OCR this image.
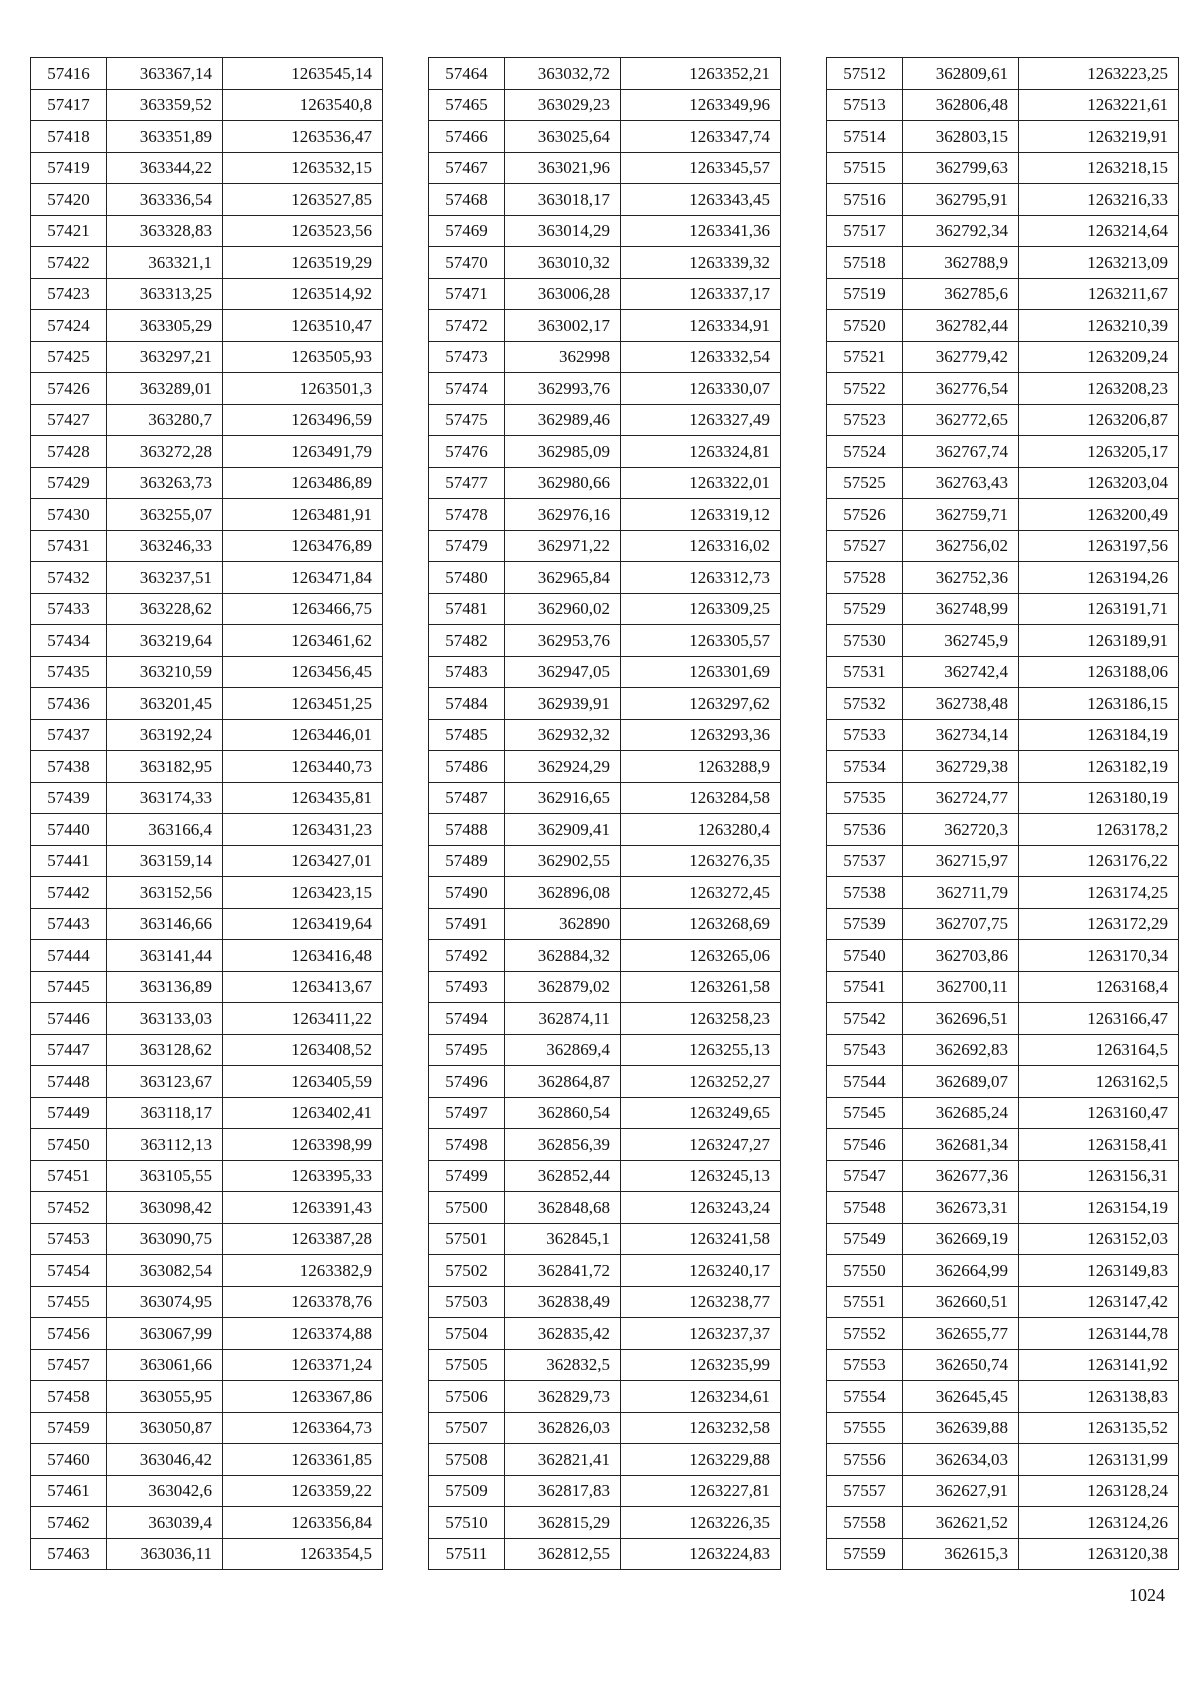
57416	363367,14	1263545,14
57417	363359,52	1263540,8
57418	363351,89	1263536,47
57419	363344,22	1263532,15
57420	363336,54	1263527,85
57421	363328,83	1263523,56
57422	363321,1	1263519,29
57423	363313,25	1263514,92
57424	363305,29	1263510,47
57425	363297,21	1263505,93
57426	363289,01	1263501,3
57427	363280,7	1263496,59
57428	363272,28	1263491,79
57429	363263,73	1263486,89
57430	363255,07	1263481,91
57431	363246,33	1263476,89
57432	363237,51	1263471,84
57433	363228,62	1263466,75
57434	363219,64	1263461,62
57435	363210,59	1263456,45
57436	363201,45	1263451,25
57437	363192,24	1263446,01
57438	363182,95	1263440,73
57439	363174,33	1263435,81
57440	363166,4	1263431,23
57441	363159,14	1263427,01
57442	363152,56	1263423,15
57443	363146,66	1263419,64
57444	363141,44	1263416,48
57445	363136,89	1263413,67
57446	363133,03	1263411,22
57447	363128,62	1263408,52
57448	363123,67	1263405,59
57449	363118,17	1263402,41
57450	363112,13	1263398,99
57451	363105,55	1263395,33
57452	363098,42	1263391,43
57453	363090,75	1263387,28
57454	363082,54	1263382,9
57455	363074,95	1263378,76
57456	363067,99	1263374,88
57457	363061,66	1263371,24
57458	363055,95	1263367,86
57459	363050,87	1263364,73
57460	363046,42	1263361,85
57461	363042,6	1263359,22
57462	363039,4	1263356,84
57463	363036,11	1263354,5
57464	363032,72	1263352,21
57465	363029,23	1263349,96
57466	363025,64	1263347,74
57467	363021,96	1263345,57
57468	363018,17	1263343,45
57469	363014,29	1263341,36
57470	363010,32	1263339,32
57471	363006,28	1263337,17
57472	363002,17	1263334,91
57473	362998	1263332,54
57474	362993,76	1263330,07
57475	362989,46	1263327,49
57476	362985,09	1263324,81
57477	362980,66	1263322,01
57478	362976,16	1263319,12
57479	362971,22	1263316,02
57480	362965,84	1263312,73
57481	362960,02	1263309,25
57482	362953,76	1263305,57
57483	362947,05	1263301,69
57484	362939,91	1263297,62
57485	362932,32	1263293,36
57486	362924,29	1263288,9
57487	362916,65	1263284,58
57488	362909,41	1263280,4
57489	362902,55	1263276,35
57490	362896,08	1263272,45
57491	362890	1263268,69
57492	362884,32	1263265,06
57493	362879,02	1263261,58
57494	362874,11	1263258,23
57495	362869,4	1263255,13
57496	362864,87	1263252,27
57497	362860,54	1263249,65
57498	362856,39	1263247,27
57499	362852,44	1263245,13
57500	362848,68	1263243,24
57501	362845,1	1263241,58
57502	362841,72	1263240,17
57503	362838,49	1263238,77
57504	362835,42	1263237,37
57505	362832,5	1263235,99
57506	362829,73	1263234,61
57507	362826,03	1263232,58
57508	362821,41	1263229,88
57509	362817,83	1263227,81
57510	362815,29	1263226,35
57511	362812,55	1263224,83
57512	362809,61	1263223,25
57513	362806,48	1263221,61
57514	362803,15	1263219,91
57515	362799,63	1263218,15
57516	362795,91	1263216,33
57517	362792,34	1263214,64
57518	362788,9	1263213,09
57519	362785,6	1263211,67
57520	362782,44	1263210,39
57521	362779,42	1263209,24
57522	362776,54	1263208,23
57523	362772,65	1263206,87
57524	362767,74	1263205,17
57525	362763,43	1263203,04
57526	362759,71	1263200,49
57527	362756,02	1263197,56
57528	362752,36	1263194,26
57529	362748,99	1263191,71
57530	362745,9	1263189,91
57531	362742,4	1263188,06
57532	362738,48	1263186,15
57533	362734,14	1263184,19
57534	362729,38	1263182,19
57535	362724,77	1263180,19
57536	362720,3	1263178,2
57537	362715,97	1263176,22
57538	362711,79	1263174,25
57539	362707,75	1263172,29
57540	362703,86	1263170,34
57541	362700,11	1263168,4
57542	362696,51	1263166,47
57543	362692,83	1263164,5
57544	362689,07	1263162,5
57545	362685,24	1263160,47
57546	362681,34	1263158,41
57547	362677,36	1263156,31
57548	362673,31	1263154,19
57549	362669,19	1263152,03
57550	362664,99	1263149,83
57551	362660,51	1263147,42
57552	362655,77	1263144,78
57553	362650,74	1263141,92
57554	362645,45	1263138,83
57555	362639,88	1263135,52
57556	362634,03	1263131,99
57557	362627,91	1263128,24
57558	362621,52	1263124,26
57559	362615,3	1263120,38
1024
